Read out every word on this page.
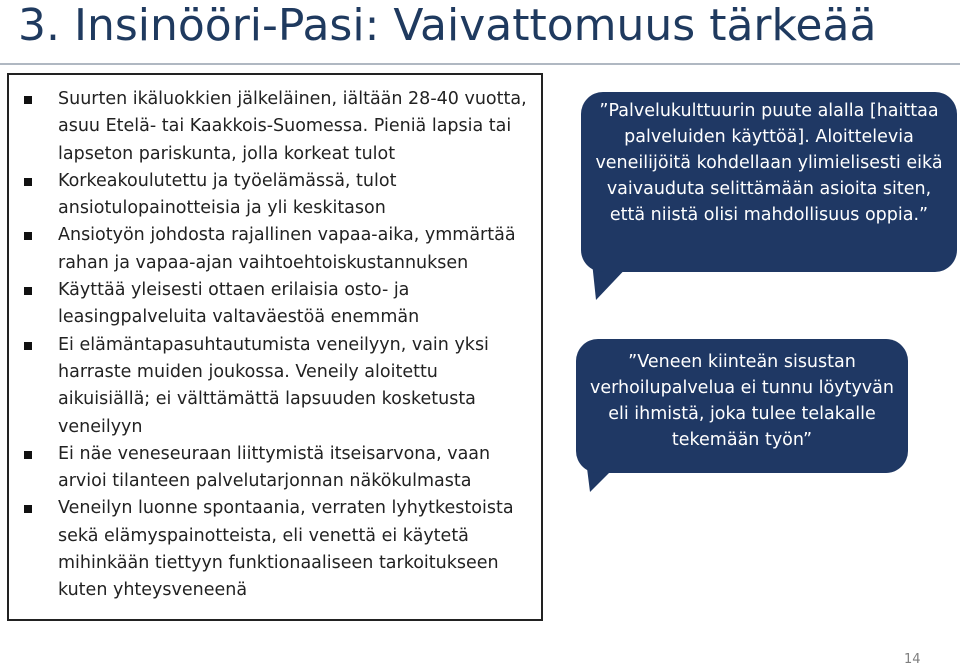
3. Insinööri-Pasi: Vaivattomuus tärkeää
Suurten ikäluokkien jälkeläinen, iältään 28-40 vuotta, asuu Etelä- tai Kaakkois-Suomessa. Pieniä lapsia tai lapseton pariskunta, jolla korkeat tulot
Korkeakoulutettu ja työelämässä, tulot ansiotulopainotteisia ja yli keskitason
Ansiotyön johdosta rajallinen vapaa-aika, ymmärtää rahan ja vapaa-ajan vaihtoehtoiskustannuksen
Käyttää yleisesti ottaen erilaisia osto- ja leasingpalveluita valtaväestöä enemmän
Ei elämäntapasuhtautumista veneilyyn, vain yksi harraste muiden joukossa. Veneily aloitettu aikuisiällä; ei välttämättä lapsuuden kosketusta veneilyyn
Ei näe veneseuraan liittymistä itseisarvona, vaan arvioi tilanteen palvelutarjonnan näkökulmasta
Veneilyn luonne spontaania, verraten lyhytkestoista sekä elämyspainotteista, eli venettä ei käytetä mihinkään tiettyyn funktionaaliseen tarkoitukseen kuten yhteysveneenä
”Palvelukulttuurin puute alalla [haittaa palveluiden käyttöä]. Aloittelevia veneilijöitä kohdellaan ylimielisesti eikä vaivauduta selittämään asioita siten, että niistä olisi mahdollisuus oppia.”
”Veneen kiinteän sisustan verhoilupalvelua ei tunnu löytyvän eli ihmistä, joka tulee telakalle tekemään työn”
14
